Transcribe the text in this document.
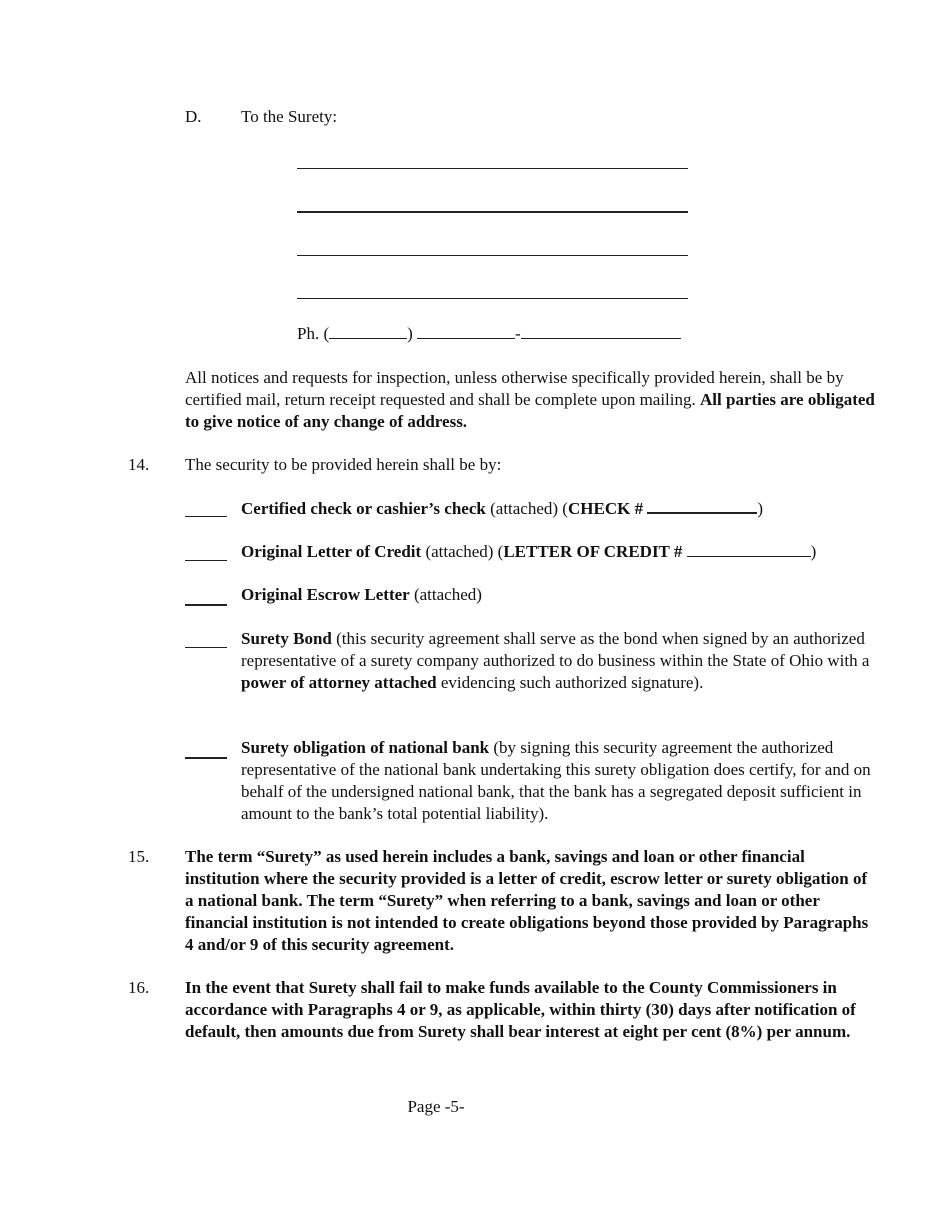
D. To the Surety:
Ph. (	)	-
All notices and requests for inspection, unless otherwise specifically provided herein, shall be by certified mail, return receipt requested and shall be complete upon mailing. All parties are obligated to give notice of any change of address.
14. The security to be provided herein shall be by:
Certified check or cashier’s check (attached) (CHECK #	)
Original Letter of Credit (attached) (LETTER OF CREDIT #	)
Original Escrow Letter (attached)
Surety Bond (this security agreement shall serve as the bond when signed by an authorized representative of a surety company authorized to do business within the State of Ohio with a power of attorney attached evidencing such authorized signature).
Surety obligation of national bank (by signing this security agreement the authorized representative of the national bank undertaking this surety obligation does certify, for and on behalf of the undersigned national bank, that the bank has a segregated deposit sufficient in amount to the bank’s total potential liability).
15. The term “Surety” as used herein includes a bank, savings and loan or other financial institution where the security provided is a letter of credit, escrow letter or surety obligation of a national bank. The term “Surety” when referring to a bank, savings and loan or other financial institution is not intended to create obligations beyond those provided by Paragraphs 4 and/or 9 of this security agreement.
16. In the event that Surety shall fail to make funds available to the County Commissioners in accordance with Paragraphs 4 or 9, as applicable, within thirty (30) days after notification of default, then amounts due from Surety shall bear interest at eight per cent (8%) per annum.
Page -5-
